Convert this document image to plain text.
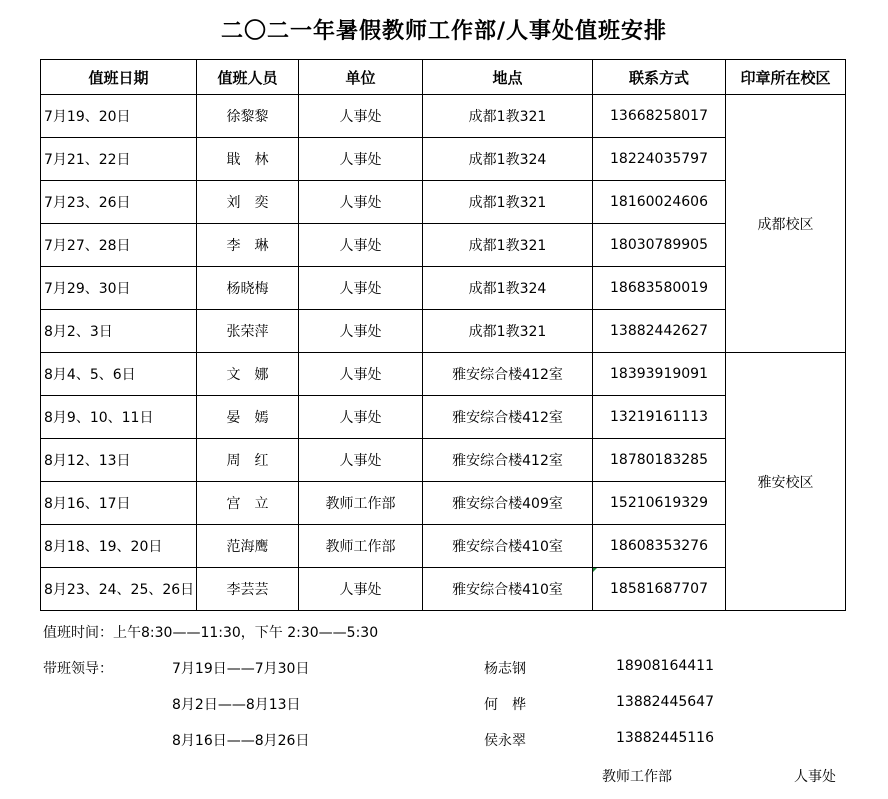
二〇二一年暑假教师工作部/人事处值班安排
值班日期	值班人员	单位	地点	联系方式	印章所在校区
7月19、20日	徐黎黎	人事处	成都1教321	13668258017	成都校区
7月21、22日	戢　林	人事处	成都1教324	18224035797	
7月23、26日	刘　奕	人事处	成都1教321	18160024606	
7月27、28日	李　琳	人事处	成都1教321	18030789905	
7月29、30日	杨晓梅	人事处	成都1教324	18683580019	
8月2、3日	张荣萍	人事处	成都1教321	13882442627	
8月4、5、6日	文　娜	人事处	雅安综合楼412室	18393919091	雅安校区
8月9、10、11日	晏　嫣	人事处	雅安综合楼412室	13219161113	
8月12、13日	周　红	人事处	雅安综合楼412室	18780183285	
8月16、17日	宫　立	教师工作部	雅安综合楼409室	15210619329	
8月18、19、20日	范海鹰	教师工作部	雅安综合楼410室	18608353276	
8月23、24、25、26日	李芸芸	人事处	雅安综合楼410室	18581687707	
值班时间：上午8:30——11:30，下午 2:30——5:30
带班领导：	7月19日——7月30日	杨志钢	18908164411
8月2日——8月13日	何　桦	13882445647
8月16日——8月26日	侯永翠	13882445116
教师工作部	人事处
